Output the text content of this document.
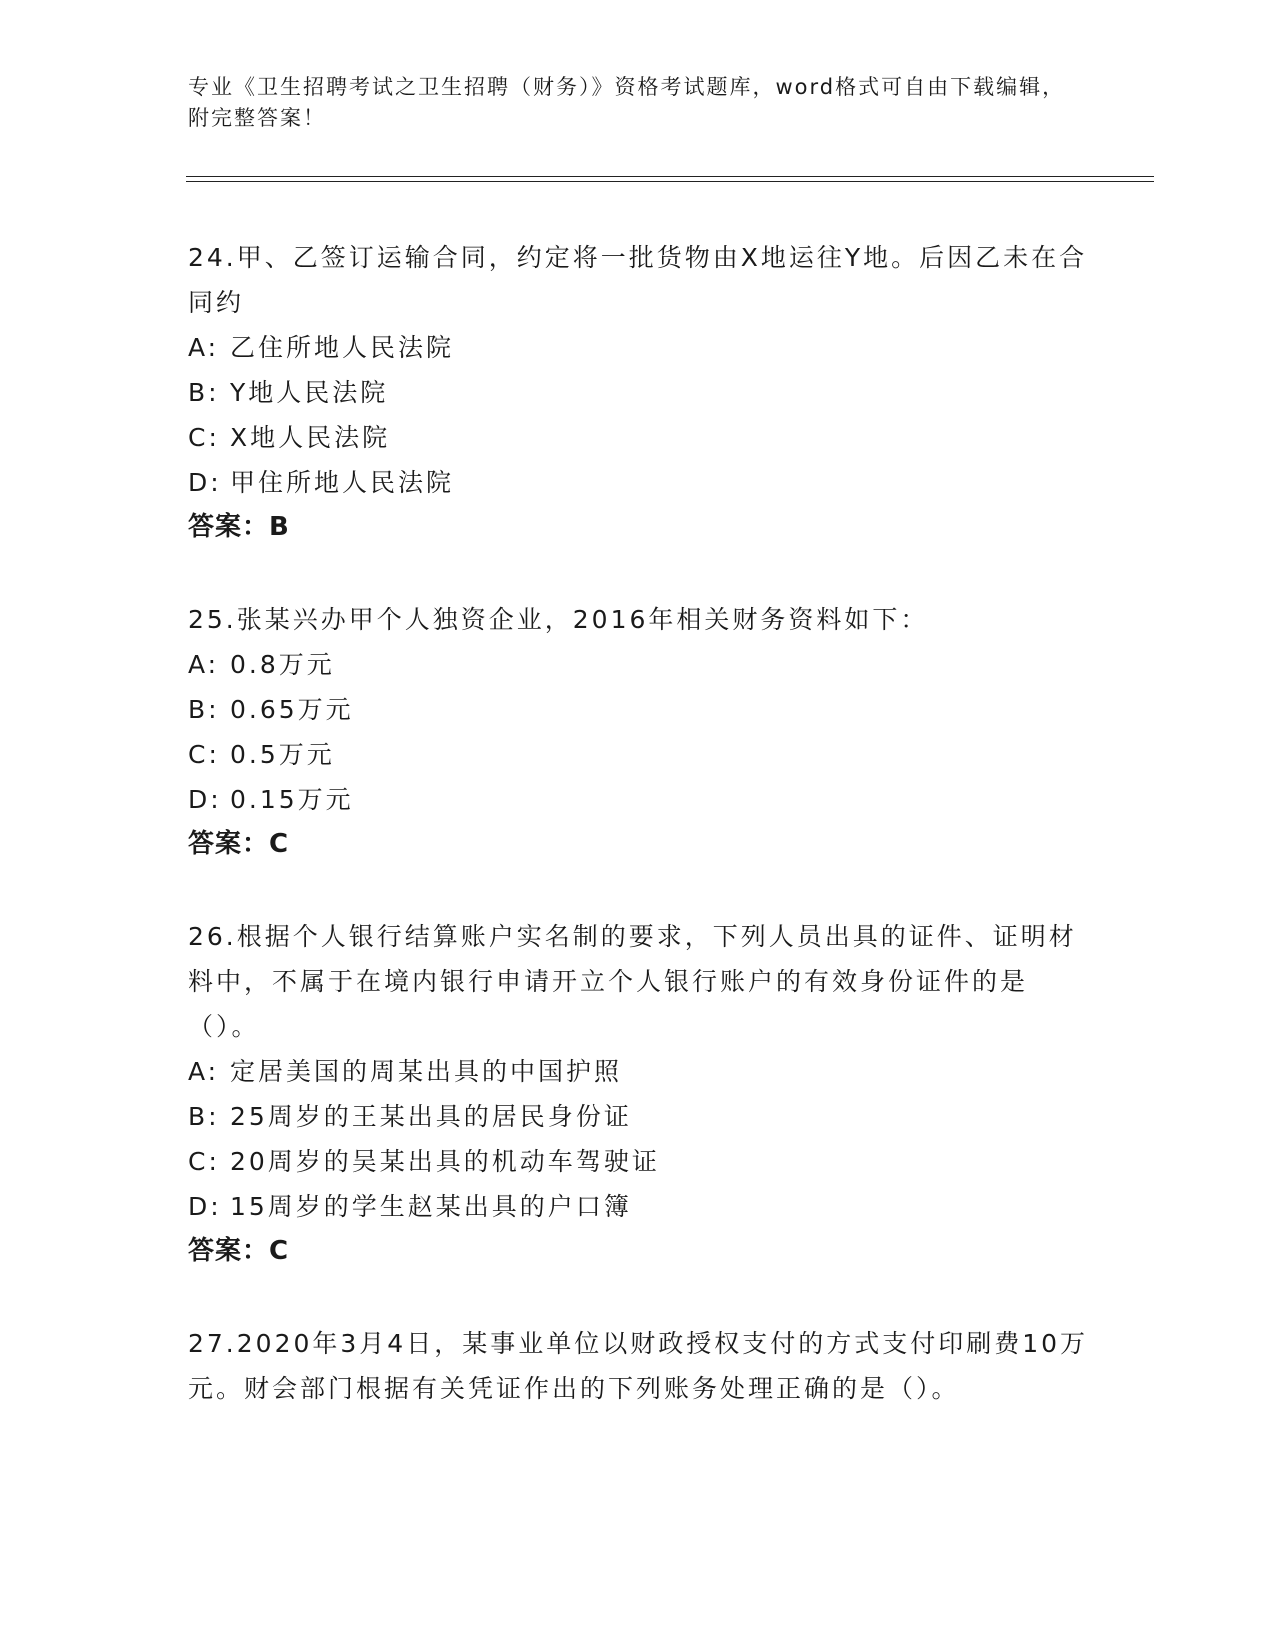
专业《卫生招聘考试之卫生招聘（财务）》资格考试题库，word格式可自由下载编辑，附完整答案！
24.甲、乙签订运输合同，约定将一批货物由X地运往Y地。后因乙未在合同约
A: 乙住所地人民法院
B: Y地人民法院
C: X地人民法院
D: 甲住所地人民法院
答案：B
25.张某兴办甲个人独资企业，2016年相关财务资料如下：
A: 0.8万元
B: 0.65万元
C: 0.5万元
D: 0.15万元
答案：C
26.根据个人银行结算账户实名制的要求，下列人员出具的证件、证明材料中，不属于在境内银行申请开立个人银行账户的有效身份证件的是（）。
A: 定居美国的周某出具的中国护照
B: 25周岁的王某出具的居民身份证
C: 20周岁的吴某出具的机动车驾驶证
D: 15周岁的学生赵某出具的户口簿
答案：C
27.2020年3月4日，某事业单位以财政授权支付的方式支付印刷费10万元。财会部门根据有关凭证作出的下列账务处理正确的是（）。
